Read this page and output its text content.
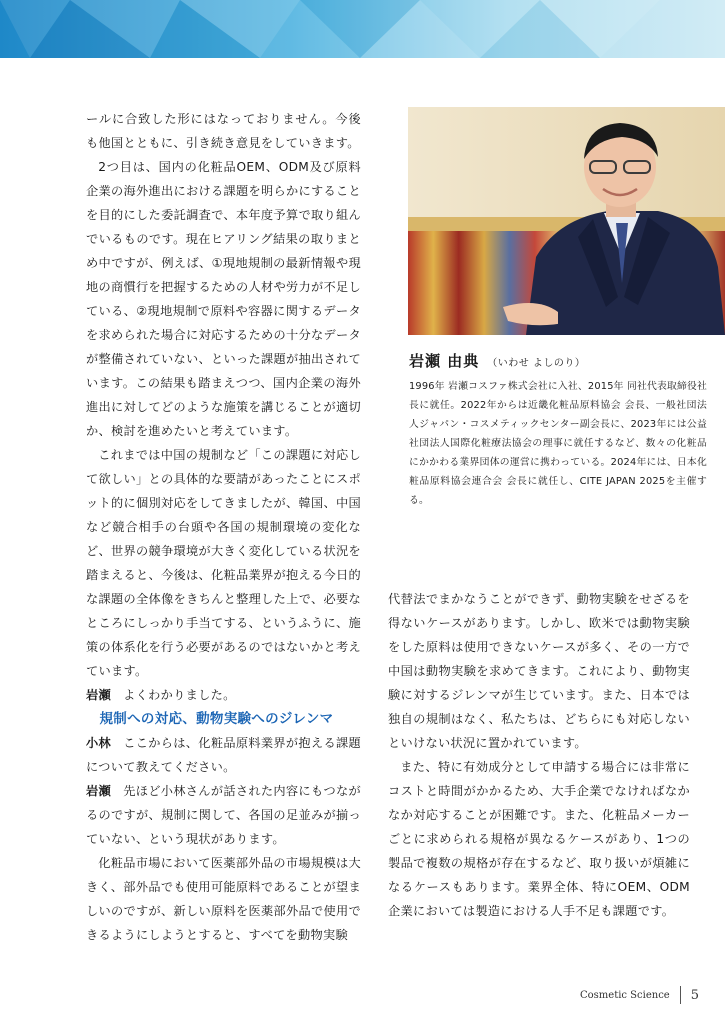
ールに合致した形にはなっておりません。今後も他国とともに、引き続き意見をしていきます。

2つ目は、国内の化粧品OEM、ODM及び原料企業の海外進出における課題を明らかにすることを目的にした委託調査で、本年度予算で取り組んでいるものです。現在ヒアリング結果の取りまとめ中ですが、例えば、①現地規制の最新情報や現地の商慣行を把握するための人材や労力が不足している、②現地規制で原料や容器に関するデータを求められた場合に対応するための十分なデータが整備されていない、といった課題が抽出されています。この結果も踏まえつつ、国内企業の海外進出に対してどのような施策を講じることが適切か、検討を進めたいと考えています。

これまでは中国の規制など「この課題に対応して欲しい」との具体的な要請があったことにスポット的に個別対応をしてきましたが、韓国、中国など競合相手の台頭や各国の規制環境の変化など、世界の競争環境が大きく変化している状況を踏まえると、今後は、化粧品業界が抱える今日的な課題の全体像をきちんと整理した上で、必要なところにしっかり手当てする、というふうに、施策の体系化を行う必要があるのではないかと考えています。

岩瀬 よくわかりました。

規制への対応、動物実験へのジレンマ

小林 ここからは、化粧品原料業界が抱える課題について教えてください。

岩瀬 先ほど小林さんが話された内容にもつながるのですが、規制に関して、各国の足並みが揃っていない、という現状があります。

化粧品市場において医薬部外品の市場規模は大きく、部外品でも使用可能原料であることが望ましいのですが、新しい原料を医薬部外品で使用できるようにしようとすると、すべてを動物実験

岩瀬 由典 （いわせ よしのり）

1996年 岩瀬コスファ株式会社に入社、2015年 同社代表取締役社長に就任。2022年からは近畿化粧品原料協会 会長、一般社団法人ジャパン・コスメティックセンター副会長に、2023年には公益社団法人国際化粧療法協会の理事に就任するなど、数々の化粧品にかかわる業界団体の運営に携わっている。2024年には、日本化粧品原料協会連合会 会長に就任し、CITE JAPAN 2025を主催する。

代替法でまかなうことができず、動物実験をせざるを得ないケースがあります。しかし、欧米では動物実験をした原料は使用できないケースが多く、その一方で中国は動物実験を求めてきます。これにより、動物実験に対するジレンマが生じています。また、日本では独自の規制はなく、私たちは、どちらにも対応しないといけない状況に置かれています。

また、特に有効成分として申請する場合には非常にコストと時間がかかるため、大手企業でなければなかなか対応することが困難です。また、化粧品メーカーごとに求められる規格が異なるケースがあり、1つの製品で複数の規格が存在するなど、取り扱いが煩雑になるケースもあります。業界全体、特にOEM、ODM企業においては製造における人手不足も課題です。

Cosmetic Science 5
